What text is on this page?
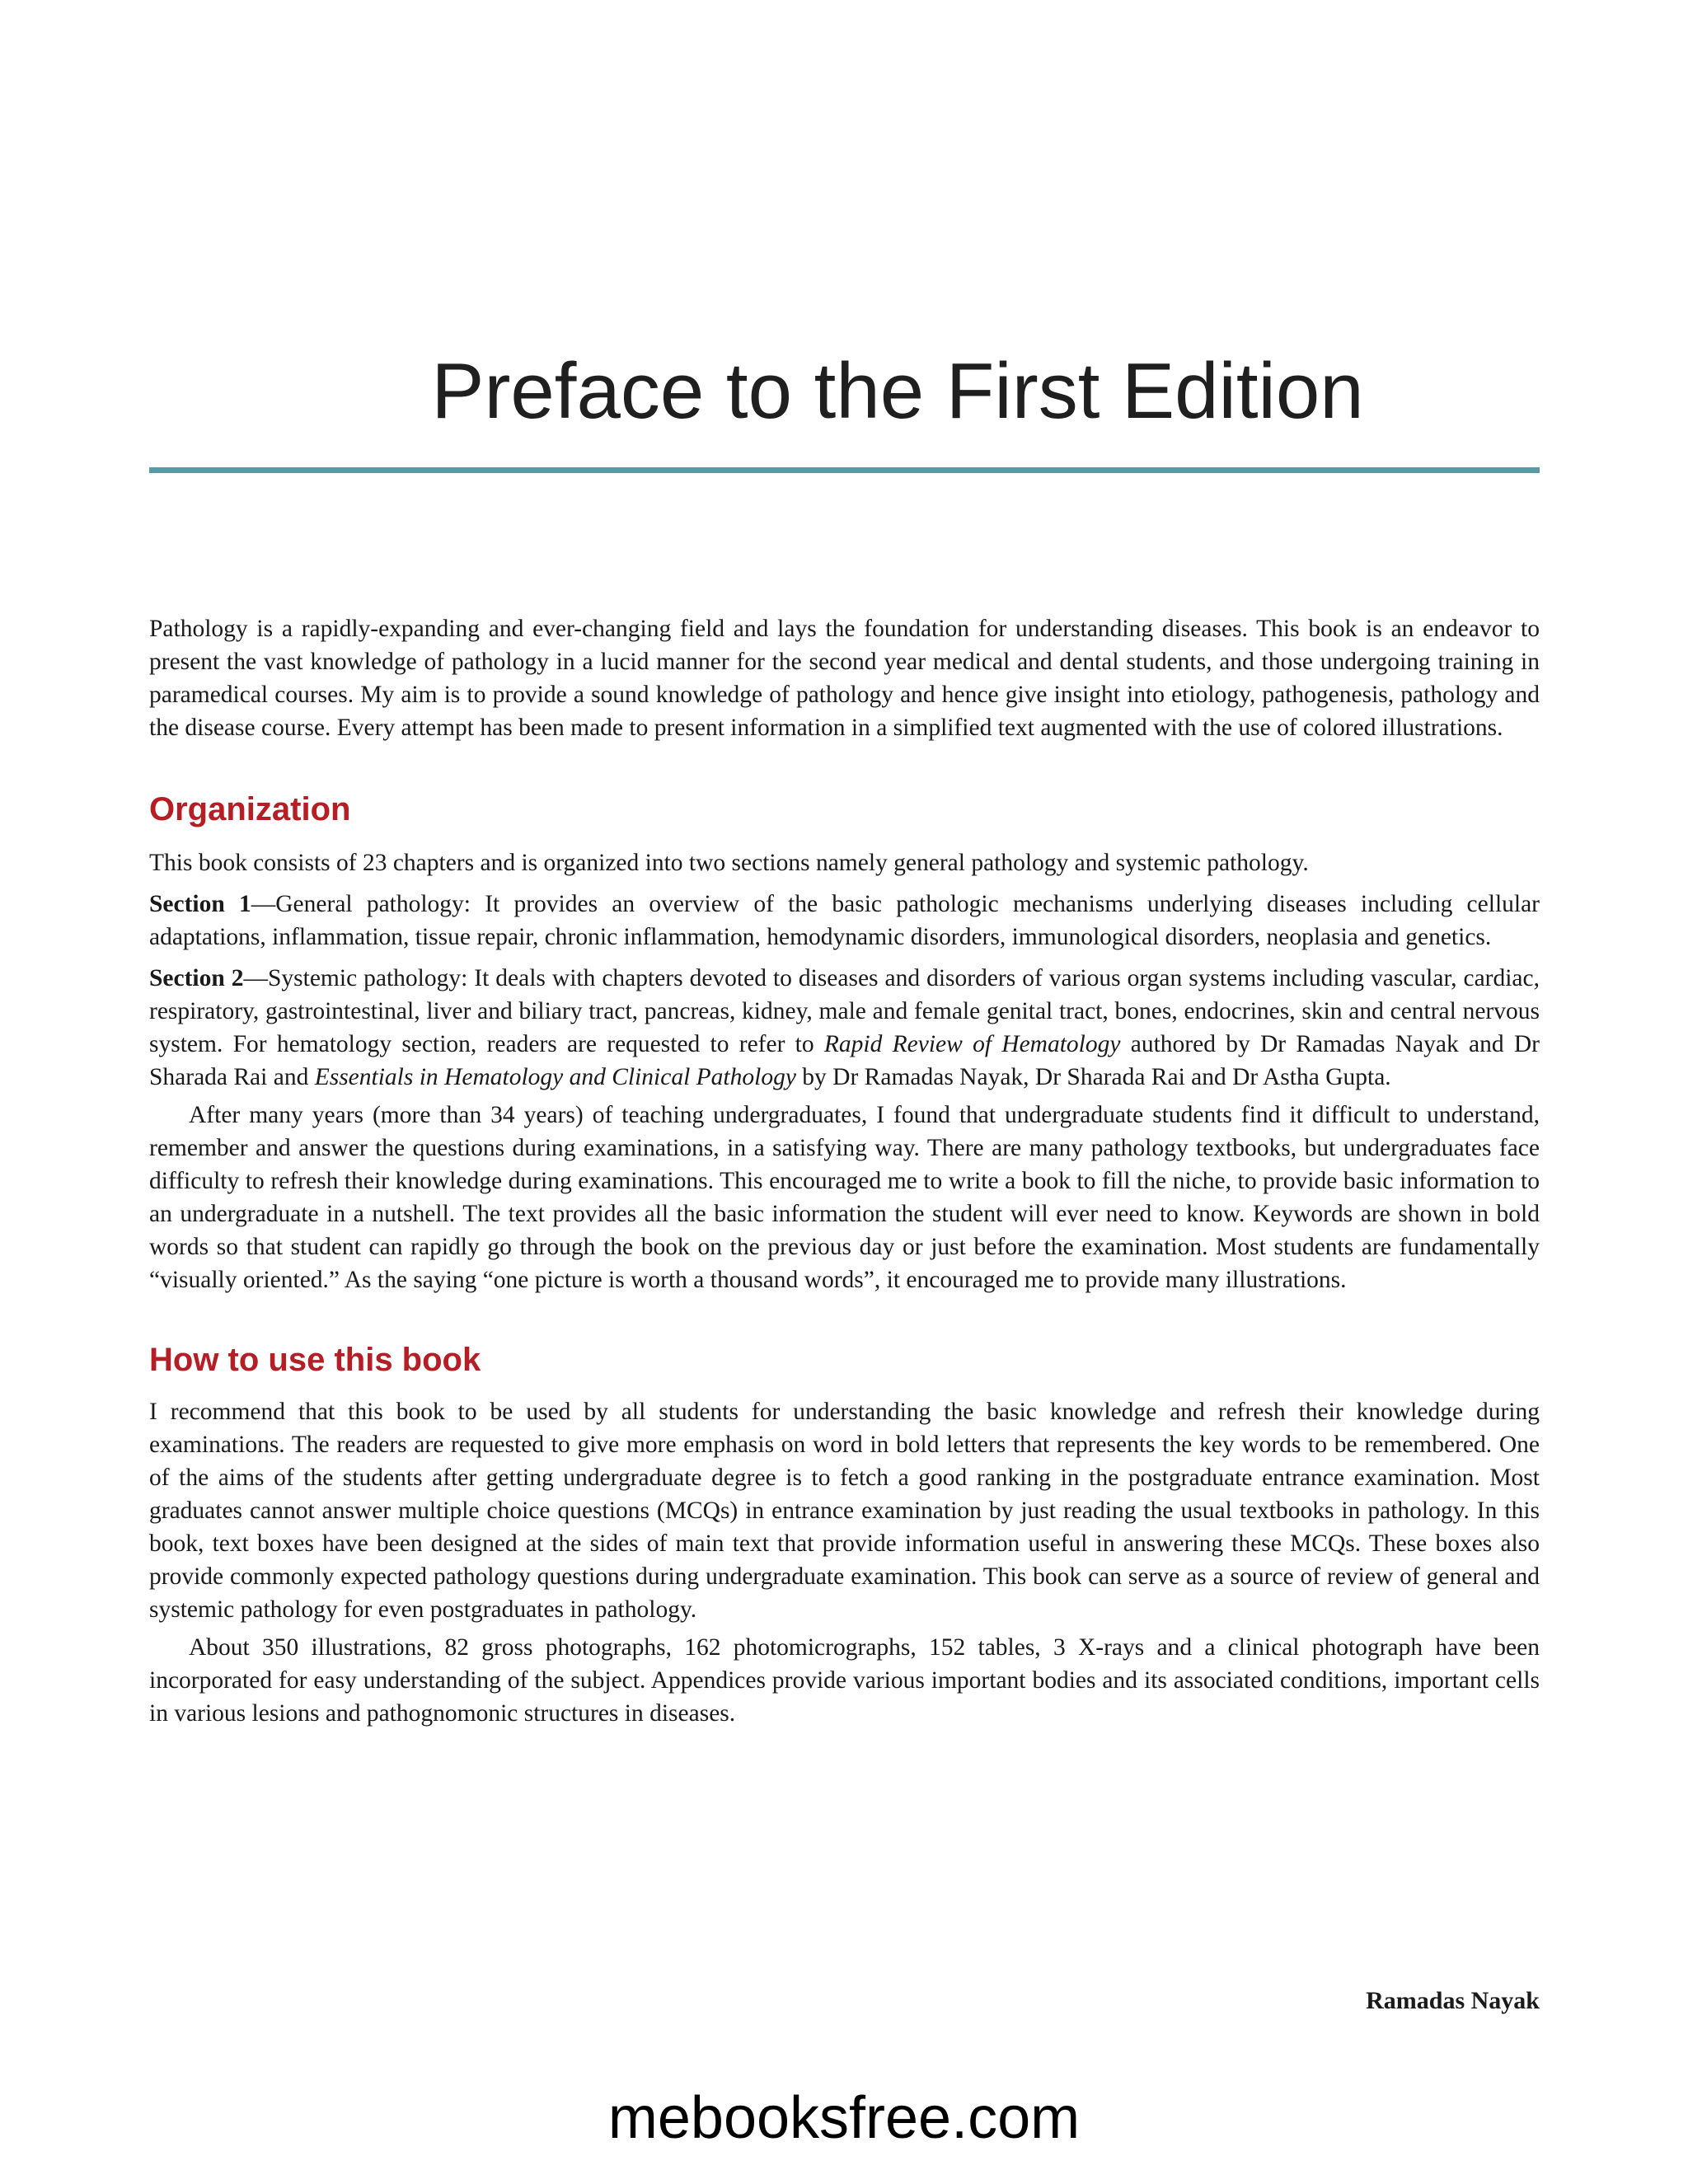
Preface to the First Edition

Pathology is a rapidly-expanding and ever-changing field and lays the foundation for understanding diseases. This book is an endeavor to present the vast knowledge of pathology in a lucid manner for the second year medical and dental students, and those undergoing training in paramedical courses. My aim is to provide a sound knowledge of pathology and hence give insight into etiology, pathogenesis, pathology and the disease course. Every attempt has been made to present information in a simplified text augmented with the use of colored illustrations.

Organization

This book consists of 23 chapters and is organized into two sections namely general pathology and systemic pathology.

Section 1—General pathology: It provides an overview of the basic pathologic mechanisms underlying diseases including cellular adaptations, inflammation, tissue repair, chronic inflammation, hemodynamic disorders, immunological disorders, neoplasia and genetics.

Section 2—Systemic pathology: It deals with chapters devoted to diseases and disorders of various organ systems including vascular, cardiac, respiratory, gastrointestinal, liver and biliary tract, pancreas, kidney, male and female genital tract, bones, endocrines, skin and central nervous system. For hematology section, readers are requested to refer to Rapid Review of Hematology authored by Dr Ramadas Nayak and Dr Sharada Rai and Essentials in Hematology and Clinical Pathology by Dr Ramadas Nayak, Dr Sharada Rai and Dr Astha Gupta.

After many years (more than 34 years) of teaching undergraduates, I found that undergraduate students find it difficult to understand, remember and answer the questions during examinations, in a satisfying way. There are many pathology textbooks, but undergraduates face difficulty to refresh their knowledge during examinations. This encouraged me to write a book to fill the niche, to provide basic information to an undergraduate in a nutshell. The text provides all the basic information the student will ever need to know. Keywords are shown in bold words so that student can rapidly go through the book on the previous day or just before the examination. Most students are fundamentally “visually oriented.” As the saying “one picture is worth a thousand words”, it encouraged me to provide many illustrations.

How to use this book

I recommend that this book to be used by all students for understanding the basic knowledge and refresh their knowledge during examinations. The readers are requested to give more emphasis on word in bold letters that represents the key words to be remembered. One of the aims of the students after getting undergraduate degree is to fetch a good ranking in the postgraduate entrance examination. Most graduates cannot answer multiple choice questions (MCQs) in entrance examination by just reading the usual textbooks in pathology. In this book, text boxes have been designed at the sides of main text that provide information useful in answering these MCQs. These boxes also provide commonly expected pathology questions during undergraduate examination. This book can serve as a source of review of general and systemic pathology for even postgraduates in pathology.

About 350 illustrations, 82 gross photographs, 162 photomicrographs, 152 tables, 3 X-rays and a clinical photograph have been incorporated for easy understanding of the subject. Appendices provide various important bodies and its associated conditions, important cells in various lesions and pathognomonic structures in diseases.

Ramadas Nayak
mebooksfree.com
